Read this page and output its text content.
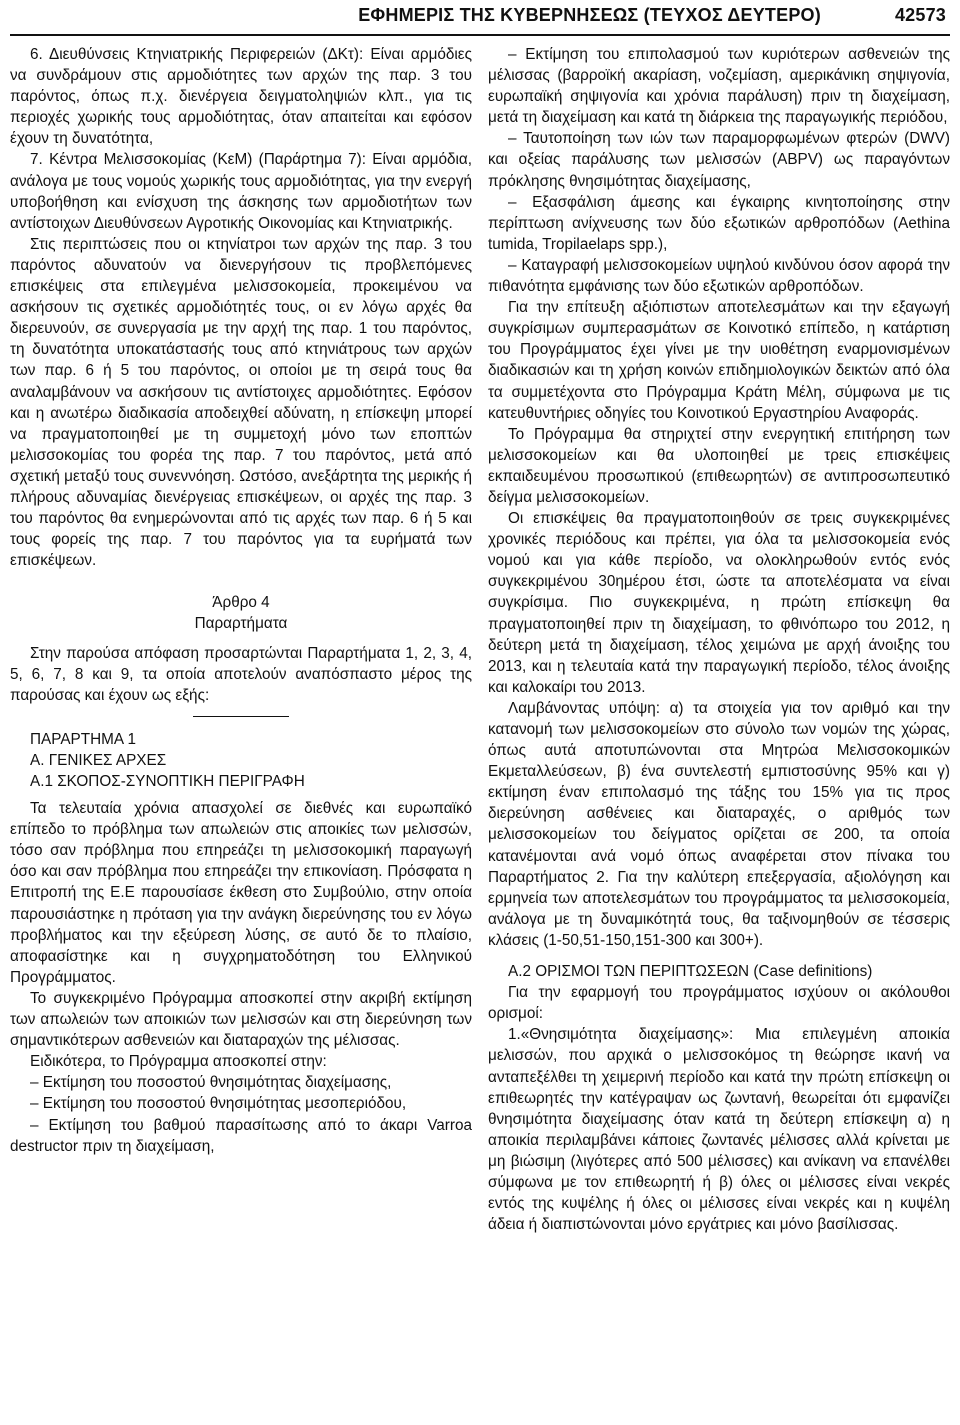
ΕΦΗΜΕΡΙΣ ΤΗΣ ΚΥΒΕΡΝΗΣΕΩΣ (ΤΕΥΧΟΣ ΔΕΥΤΕΡΟ)	42573

6. Διευθύνσεις Κτηνιατρικής Περιφερειών (ΔΚτ): Είναι αρμόδιες να συνδράμουν στις αρμοδιότητες των αρχών της παρ. 3 του παρόντος, όπως π.χ. διενέργεια δειγματοληψιών κλπ., για τις περιοχές χωρικής τους αρμοδιότητας, όταν απαιτείται και εφόσον έχουν τη δυνατότητα,

7. Κέντρα Μελισσοκομίας (ΚεΜ) (Παράρτημα 7): Είναι αρμόδια, ανάλογα με τους νομούς χωρικής τους αρμοδιότητας, για την ενεργή υποβοήθηση και ενίσχυση της άσκησης των αρμοδιοτήτων των αντίστοιχων Διευθύνσεων Αγροτικής Οικονομίας και Κτηνιατρικής.

Στις περιπτώσεις που οι κτηνίατροι των αρχών της παρ. 3 του παρόντος αδυνατούν να διενεργήσουν τις προβλεπόμενες επισκέψεις στα επιλεγμένα μελισσοκομεία, προκειμένου να ασκήσουν τις σχετικές αρμοδιότητές τους, οι εν λόγω αρχές θα διερευνούν, σε συνεργασία με την αρχή της παρ. 1 του παρόντος, τη δυνατότητα υποκατάστασής τους από κτηνιάτρους των αρχών των παρ. 6 ή 5 του παρόντος, οι οποίοι με τη σειρά τους θα αναλαμβάνουν να ασκήσουν τις αντίστοιχες αρμοδιότητες. Εφόσον και η ανωτέρω διαδικασία αποδειχθεί αδύνατη, η επίσκεψη μπορεί να πραγματοποιηθεί με τη συμμετοχή μόνο των εποπτών μελισσοκομίας του φορέα της παρ. 7 του παρόντος, μετά από σχετική μεταξύ τους συνεννόηση. Ωστόσο, ανεξάρτητα της μερικής ή πλήρους αδυναμίας διενέργειας επισκέψεων, οι αρχές της παρ. 3 του παρόντος θα ενημερώνονται από τις αρχές των παρ. 6 ή 5 και τους φορείς της παρ. 7 του παρόντος για τα ευρήματά των επισκέψεων.

Άρθρο 4

Παραρτήματα

Στην παρούσα απόφαση προσαρτώνται Παραρτήματα 1, 2, 3, 4, 5, 6, 7, 8 και 9, τα οποία αποτελούν αναπόσπαστο μέρος της παρούσας και έχουν ως εξής:

ΠΑΡΑΡΤΗΜΑ 1

Α. ΓΕΝΙΚΕΣ ΑΡΧΕΣ

Α.1 ΣΚΟΠΟΣ-ΣΥΝΟΠΤΙΚΗ ΠΕΡΙΓΡΑΦΗ

Τα τελευταία χρόνια απασχολεί σε διεθνές και ευρωπαϊκό επίπεδο το πρόβλημα των απωλειών στις αποικίες των μελισσών, τόσο σαν πρόβλημα που επηρεάζει τη μελισσοκομική παραγωγή όσο και σαν πρόβλημα που επηρεάζει την επικονίαση. Πρόσφατα η Επιτροπή της Ε.Ε παρουσίασε έκθεση στο Συμβούλιο, στην οποία παρουσιάστηκε η πρόταση για την ανάγκη διερεύνησης του εν λόγω προβλήματος και την εξεύρεση λύσης, σε αυτό δε το πλαίσιο, αποφασίστηκε και η συγχρηματοδότηση του Ελληνικού Προγράμματος.

Το συγκεκριμένο Πρόγραμμα αποσκοπεί στην ακριβή εκτίμηση των απωλειών των αποικιών των μελισσών και στη διερεύνηση των σημαντικότερων ασθενειών και διαταραχών της μέλισσας.

Ειδικότερα, το Πρόγραμμα αποσκοπεί στην:

– Εκτίμηση του ποσοστού θνησιμότητας διαχείμασης,

– Εκτίμηση του ποσοστού θνησιμότητας μεσοπεριόδου,

– Εκτίμηση του βαθμού παρασίτωσης από το άκαρι Varroa destructor πριν τη διαχείμαση,

– Εκτίμηση του επιπολασμού των κυριότερων ασθενειών της μέλισσας (βαρροϊκή ακαρίαση, νοζεμίαση, αμερικάνικη σηψιγονία, ευρωπαϊκή σηψιγονία και χρόνια παράλυση) πριν τη διαχείμαση, μετά τη διαχείμαση και κατά τη διάρκεια της παραγωγικής περιόδου,

– Ταυτοποίηση των ιών των παραμορφωμένων φτερών (DWV) και οξείας παράλυσης των μελισσών (ABPV) ως παραγόντων πρόκλησης θνησιμότητας διαχείμασης,

– Εξασφάλιση άμεσης και έγκαιρης κινητοποίησης στην περίπτωση ανίχνευσης των δύο εξωτικών αρθροπόδων (Aethina tumida, Tropilaelaps spp.),

– Καταγραφή μελισσοκομείων υψηλού κινδύνου όσον αφορά την πιθανότητα εμφάνισης των δύο εξωτικών αρθροπόδων.

Για την επίτευξη αξιόπιστων αποτελεσμάτων και την εξαγωγή συγκρίσιμων συμπερασμάτων σε Κοινοτικό επίπεδο, η κατάρτιση του Προγράμματος έχει γίνει με την υιοθέτηση εναρμονισμένων διαδικασιών και τη χρήση κοινών επιδημιολογικών δεικτών από όλα τα συμμετέχοντα στο Πρόγραμμα Κράτη Μέλη, σύμφωνα με τις κατευθυντήριες οδηγίες του Κοινοτικού Εργαστηρίου Αναφοράς.

Το Πρόγραμμα θα στηριχτεί στην ενεργητική επιτήρηση των μελισσοκομείων και θα υλοποιηθεί με τρεις επισκέψεις εκπαιδευμένου προσωπικού (επιθεωρητών) σε αντιπροσωπευτικό δείγμα μελισσοκομείων.

Οι επισκέψεις θα πραγματοποιηθούν σε τρεις συγκεκριμένες χρονικές περιόδους και πρέπει, για όλα τα μελισσοκομεία ενός νομού και για κάθε περίοδο, να ολοκληρωθούν εντός ενός συγκεκριμένου 30ημέρου έτσι, ώστε τα αποτελέσματα να είναι συγκρίσιμα. Πιο συγκεκριμένα, η πρώτη επίσκεψη θα πραγματοποιηθεί πριν τη διαχείμαση, το φθινόπωρο του 2012, η δεύτερη μετά τη διαχείμαση, τέλος χειμώνα με αρχή άνοιξης του 2013, και η τελευταία κατά την παραγωγική περίοδο, τέλος άνοιξης και καλοκαίρι του 2013.

Λαμβάνοντας υπόψη: α) τα στοιχεία για τον αριθμό και την κατανομή των μελισσοκομείων στο σύνολο των νομών της χώρας, όπως αυτά αποτυπώνονται στα Μητρώα Μελισσοκομικών Εκμεταλλεύσεων, β) ένα συντελεστή εμπιστοσύνης 95% και γ) εκτίμηση έναν επιπολασμό της τάξης του 15% για τις προς διερεύνηση ασθένειες και διαταραχές, ο αριθμός των μελισσοκομείων του δείγματος ορίζεται σε 200, τα οποία κατανέμονται ανά νομό όπως αναφέρεται στον πίνακα του Παραρτήματος 2. Για την καλύτερη επεξεργασία, αξιολόγηση και ερμηνεία των αποτελεσμάτων του προγράμματος τα μελισσοκομεία, ανάλογα με τη δυναμικότητά τους, θα ταξινομηθούν σε τέσσερις κλάσεις (1-50,51-150,151-300 και 300+).

Α.2 ΟΡΙΣΜΟΙ ΤΩΝ ΠΕΡΙΠΤΩΣΕΩΝ (Case definitions)

Για την εφαρμογή του προγράμματος ισχύουν οι ακόλουθοι ορισμοί:

1.«Θνησιμότητα διαχείμασης»: Μια επιλεγμένη αποικία μελισσών, που αρχικά ο μελισσοκόμος τη θεώρησε ικανή να ανταπεξέλθει τη χειμερινή περίοδο και κατά την πρώτη επίσκεψη οι επιθεωρητές την κατέγραψαν ως ζωντανή, θεωρείται ότι εμφανίζει θνησιμότητα διαχείμασης όταν κατά τη δεύτερη επίσκεψη α) η αποικία περιλαμβάνει κάποιες ζωντανές μέλισσες αλλά κρίνεται με μη βιώσιμη (λιγότερες από 500 μέλισσες) και ανίκανη να επανέλθει σύμφωνα με τον επιθεωρητή ή β) όλες οι μέλισσες είναι νεκρές εντός της κυψέλης ή όλες οι μέλισσες είναι νεκρές και η κυψέλη άδεια ή διαπιστώνονται μόνο εργάτριες και μόνο βασίλισσας.
